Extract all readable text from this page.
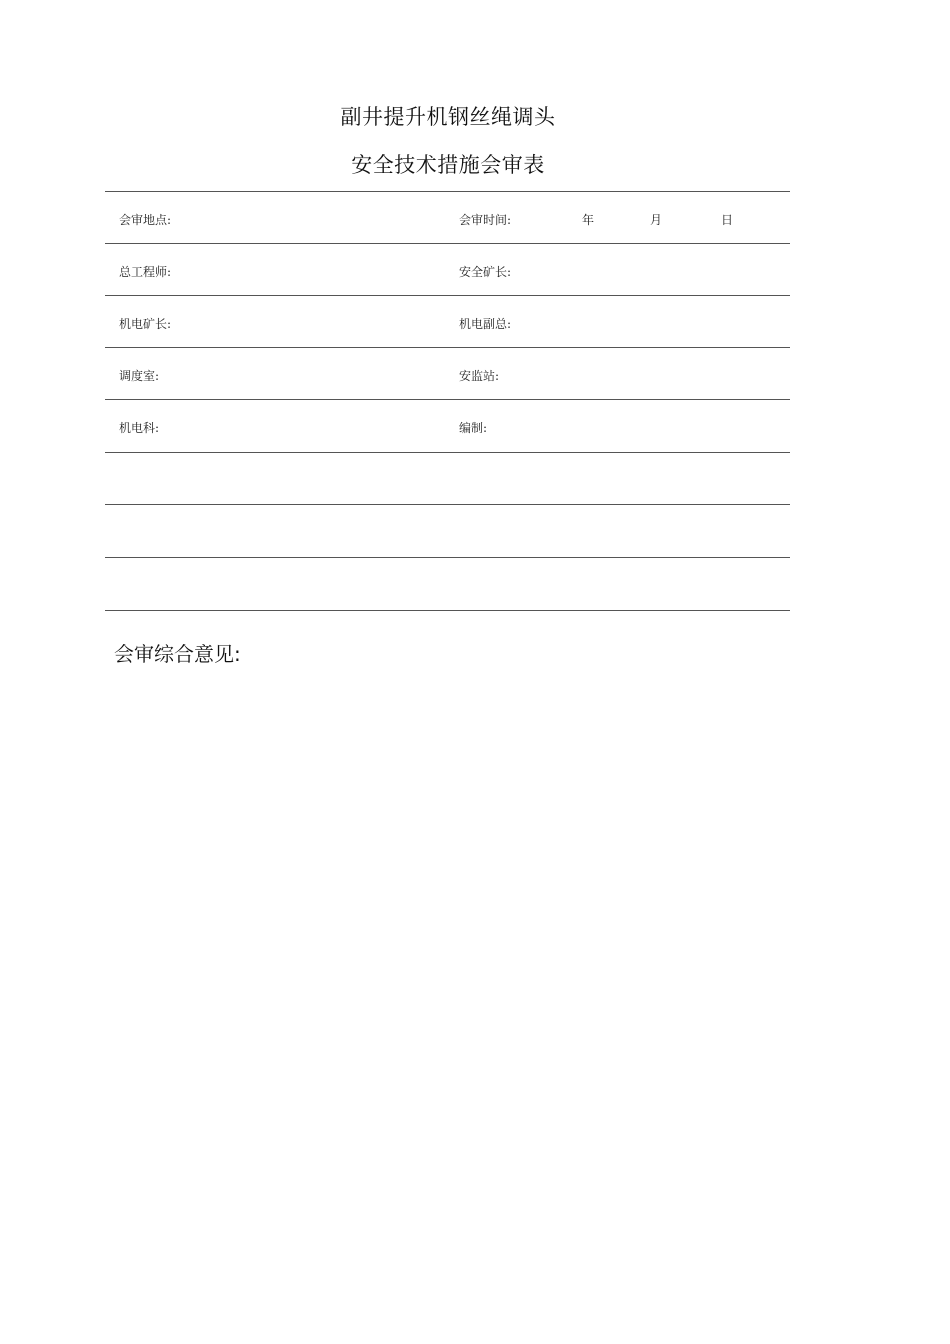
副井提升机钢丝绳调头
安全技术措施会审表
会审地点:	会审时间:	年	月	日
总工程师:	安全矿长:
机电矿长:	机电副总:
调度室:	安监站:
机电科:	编制:
会审综合意见:
